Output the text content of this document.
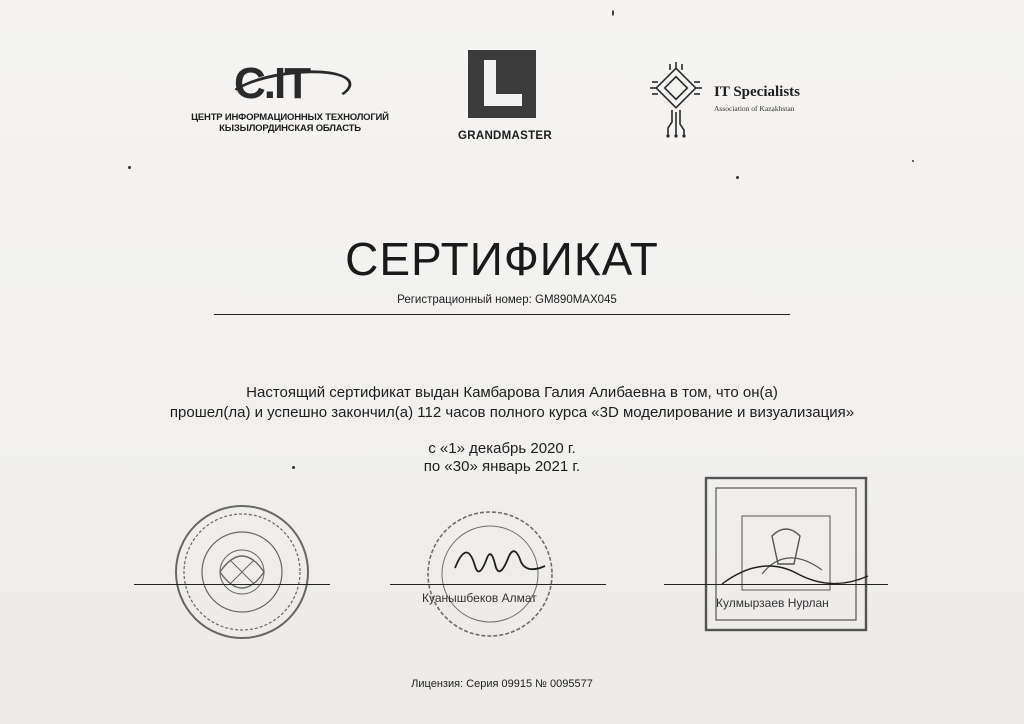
C.IT
ЦЕНТР ИНФОРМАЦИОННЫХ ТЕХНОЛОГИЙ
КЫЗЫЛОРДИНСКАЯ ОБЛАСТЬ
GRANDMASTER
IT Specialists
Association of Kazakhstan
СЕРТИФИКАТ
Регистрационный номер: GM890MAX045
Настоящий сертификат выдан Камбарова Галия Алибаевна в том, что он(а)
прошел(ла) и успешно закончил(а) 112 часов полного курса «3D моделирование и визуализация»
с «1» декабрь 2020 г.
по «30» январь 2021 г.
Куанышбеков Алмат	Кулмырзаев Нурлан
Лицензия: Серия 09915 № 0095577
